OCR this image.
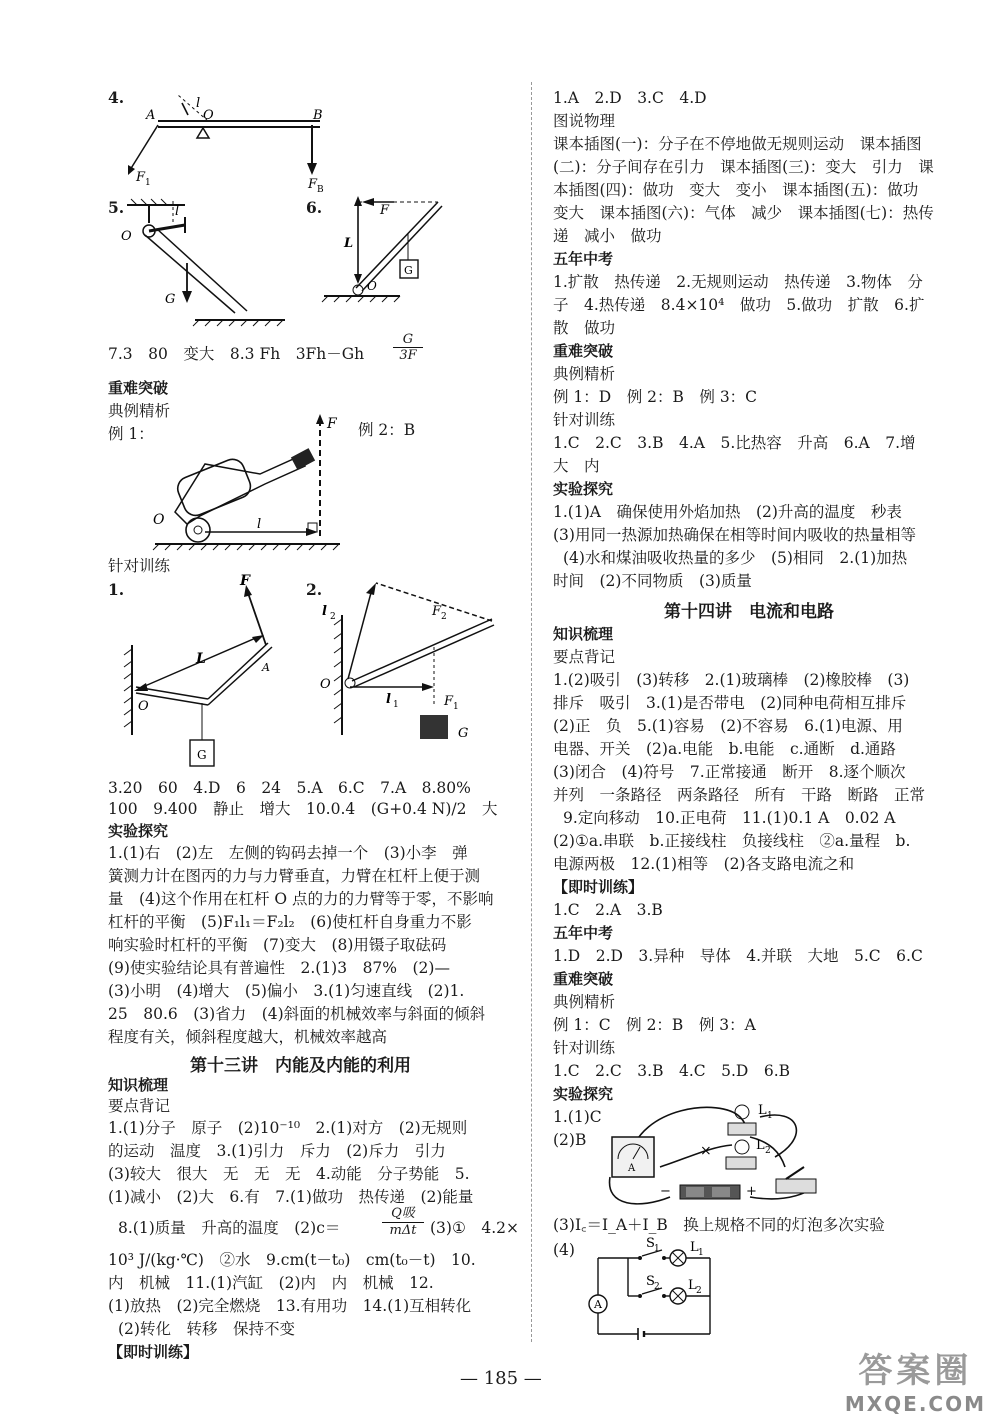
4.
A	O
l
B
F 1	F B
5.
O
l
G
6.	F
L
O
G
7.3　80　变大　8.3 Fh　$3Fh-Gh \frac{G}{3F}$
重难突破
典例精析
例 1：	例 2：B
F
O	l
针对训练
1.	F
L
A
O
G
2.
l 2	F 2
O
l 1	F 1
G
3.20　60　4.D　6　24　5.A　6.C　7.A　8.80%
100　9.400　静止　增大　10.0.4　(G+0.4 N)/2　大
实验探究
1.(1)右　(2)左　左侧的钩码去掉一个　(3)小李　弹
簧测力计在图丙的力与力臂垂直，力臂在杠杆上便于测
量　(4)这个作用在杠杆 O 点的力的力臂等于零，不影响
杠杆的平衡　(5)F₁l₁＝F₂l₂　(6)使杠杆自身重力不影
响实验时杠杆的平衡　(7)变大　(8)用镊子取砝码
(9)使实验结论具有普遍性　2.(1)3　87%　(2)—
(3)小明　(4)增大　(5)偏小　3.(1)匀速直线　(2)1.
25　80.6　(3)省力　(4)斜面的机械效率与斜面的倾斜
程度有关，倾斜程度越大，机械效率越高
第十三讲　内能及内能的利用
知识梳理
要点背记
1.(1)分子　原子　(2)10⁻¹⁰　2.(1)对方　(2)无规则
的运动　温度　3.(1)引力　斥力　(2)斥力　引力
(3)较大　很大　无　无　无　4.动能　分子势能　5.
(1)减小　(2)大　6.有　7.(1)做功　热传递　(2)能量
8.(1)质量　升高的温度　(2)c＝
Q吸
mΔt (3)①　4.2×
10³ J/(kg·℃)　②水　9.cm(t－t₀)　cm(t₀－t)　10.
内　机械　11.(1)汽缸　(2)内　内　机械　12.
(1)放热　(2)完全燃烧　13.有用功　14.(1)互相转化
(2)转化　转移　保持不变
【即时训练】
1.A　2.D　3.C　4.D
图说物理
课本插图(一)：分子在不停地做无规则运动　课本插图
(二)：分子间存在引力　课本插图(三)：变大　引力　课
本插图(四)：做功　变大　变小　课本插图(五)：做功
变大　课本插图(六)：气体　减少　课本插图(七)：热传
递　减小　做功
五年中考
1.扩散　热传递　2.无规则运动　热传递　3.物体　分
子　4.热传递　8.4×10⁴　做功　5.做功　扩散　6.扩
散　做功
重难突破
典例精析
例 1：D　例 2：B　例 3：C
针对训练
1.C　2.C　3.B　4.A　5.比热容　升高　6.A　7.增
大　内
实验探究
1.(1)A　确保使用外焰加热　(2)升高的温度　秒表
(3)用同一热源加热确保在相等时间内吸收的热量相等
(4)水和煤油吸收热量的多少　(5)相同　2.(1)加热
时间　(2)不同物质　(3)质量
第十四讲　电流和电路
知识梳理
要点背记
1.(2)吸引　(3)转移　2.(1)玻璃棒　(2)橡胶棒　(3)
排斥　吸引　3.(1)是否带电　(2)同种电荷相互排斥
(2)正　负　5.(1)容易　(2)不容易　6.(1)电源、用
电器、开关　(2)a.电能　b.电能　c.通断　d.通路
(3)闭合　(4)符号　7.正常接通　断开　8.逐个顺次
并列　一条路径　两条路径　所有　干路　断路　正常
9.定向移动　10.正电荷　11.(1)0.1 A　0.02 A
(2)①a.串联　b.正接线柱　负接线柱　②a.量程　b.
电源两极　12.(1)相等　(2)各支路电流之和
【即时训练】
1.C　2.A　3.B
五年中考
1.D　2.D　3.异种　导体　4.并联　大地　5.C　6.C
重难突破
典例精析
例 1：C　例 2：B　例 3：A
针对训练
1.C　2.C　3.B　4.C　5.D　6.B
实验探究
1.(1)C
(2)B
A
×
−	+
L 1
L 2
(3)I꜀＝I_A＋I_B　换上规格不同的灯泡多次实验
(4)
A
S 1 L 1
S 2 L 2
— 185 —	答案圈
MXQE.COM
